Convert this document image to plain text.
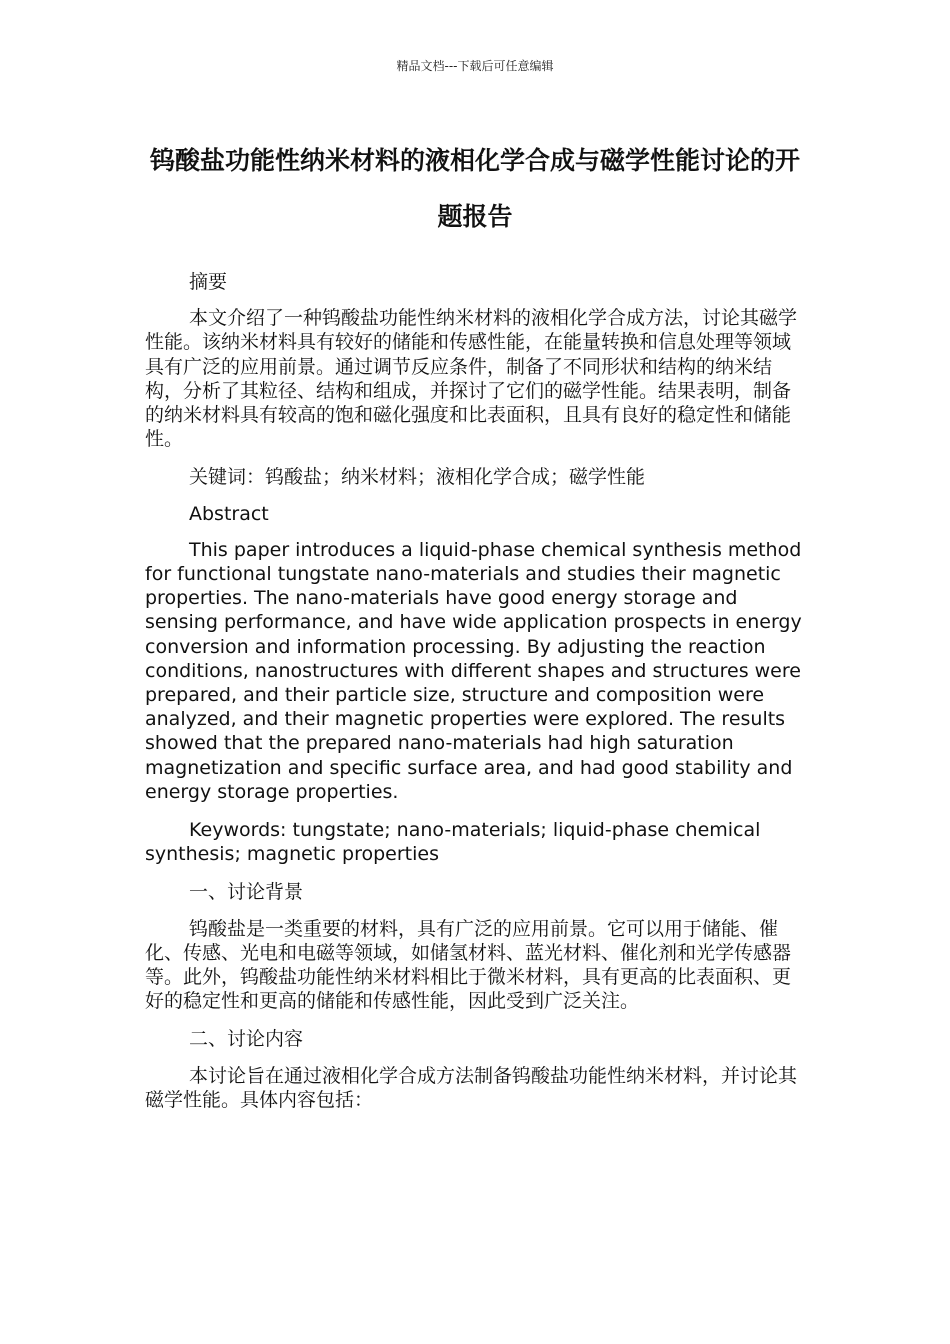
精品文档---下载后可任意编辑
钨酸盐功能性纳米材料的液相化学合成与磁学性能讨论的开题报告

摘要

本文介绍了一种钨酸盐功能性纳米材料的液相化学合成方法，讨论其磁学性能。该纳米材料具有较好的储能和传感性能，在能量转换和信息处理等领域具有广泛的应用前景。通过调节反应条件，制备了不同形状和结构的纳米结构，分析了其粒径、结构和组成，并探讨了它们的磁学性能。结果表明，制备的纳米材料具有较高的饱和磁化强度和比表面积，且具有良好的稳定性和储能性。

关键词：钨酸盐；纳米材料；液相化学合成；磁学性能

Abstract

This paper introduces a liquid-phase chemical synthesis method for functional tungstate nano-materials and studies their magnetic properties. The nano-materials have good energy storage and sensing performance, and have wide application prospects in energy conversion and information processing. By adjusting the reaction conditions, nanostructures with different shapes and structures were prepared, and their particle size, structure and composition were analyzed, and their magnetic properties were explored. The results showed that the prepared nano-materials had high saturation magnetization and specific surface area, and had good stability and energy storage properties.

Keywords: tungstate; nano-materials; liquid-phase chemical synthesis; magnetic properties

一、讨论背景

钨酸盐是一类重要的材料，具有广泛的应用前景。它可以用于储能、催化、传感、光电和电磁等领域，如储氢材料、蓝光材料、催化剂和光学传感器等。此外，钨酸盐功能性纳米材料相比于微米材料，具有更高的比表面积、更好的稳定性和更高的储能和传感性能，因此受到广泛关注。

二、讨论内容

本讨论旨在通过液相化学合成方法制备钨酸盐功能性纳米材料，并讨论其磁学性能。具体内容包括：
